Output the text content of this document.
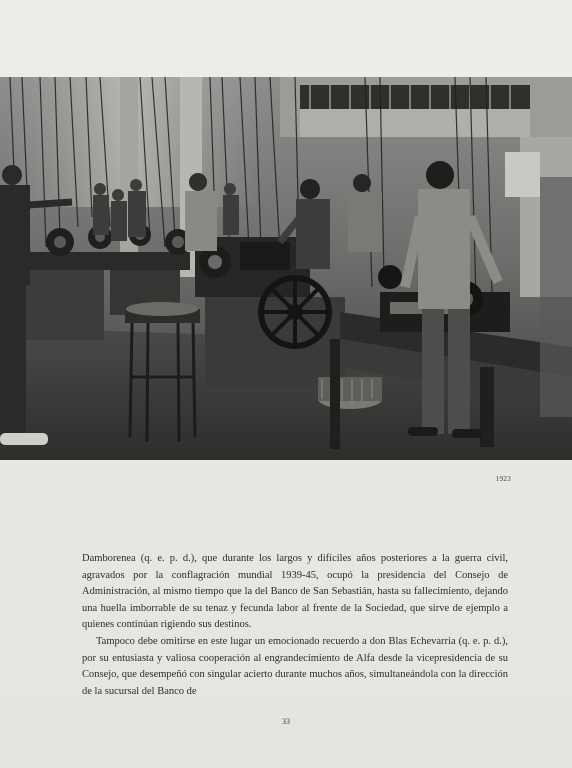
1923

Damborenea (q. e. p. d.), que durante los largos y difíciles años posteriores a la guerra civil, agravados por la conflagración mundial 1939-45, ocupó la presidencia del Consejo de Administración, al mismo tiempo que la del Banco de San Sebastián, hasta su fallecimiento, dejando una huella imborrable de su tenaz y fecunda labor al frente de la Sociedad, que sirve de ejemplo a quienes continúan rigiendo sus destinos.

Tampoco debe omitirse en este lugar un emocionado recuerdo a don Blas Echevarria (q. e. p. d.), por su entusiasta y valiosa cooperación al engrandecimiento de Alfa desde la vicepresidencia de su Consejo, que desempeñó con singular acierto durante muchos años, simultaneándola con la dirección de la sucursal del Banco de

33
